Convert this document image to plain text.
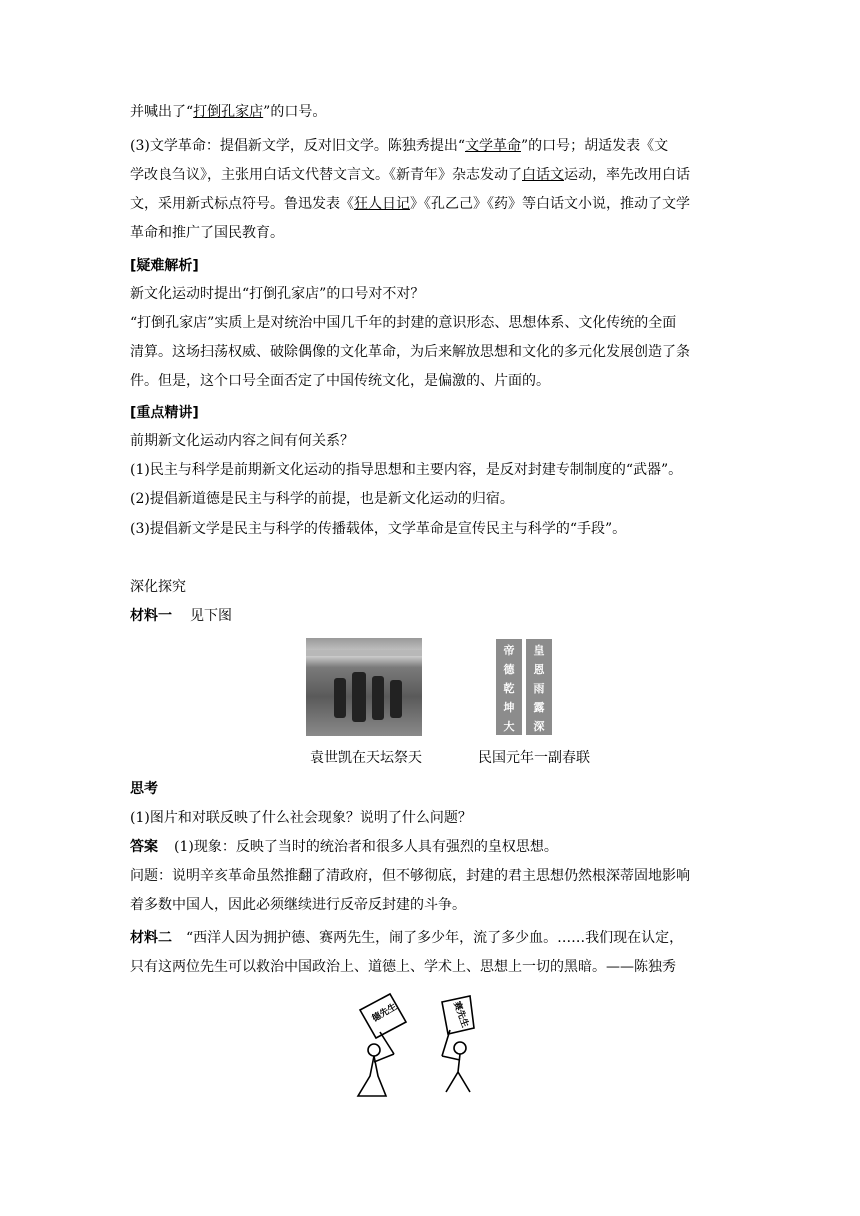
并喊出了“打倒孔家店”的口号。
(3)文学革命：提倡新文学，反对旧文学。陈独秀提出“文学革命”的口号；胡适发表《文
学改良刍议》，主张用白话文代替文言文。《新青年》杂志发动了白话文运动，率先改用白话
文，采用新式标点符号。鲁迅发表《狂人日记》《孔乙己》《药》等白话文小说，推动了文学
革命和推广了国民教育。
[疑难解析]
新文化运动时提出“打倒孔家店”的口号对不对？
“打倒孔家店”实质上是对统治中国几千年的封建的意识形态、思想体系、文化传统的全面
清算。这场扫荡权威、破除偶像的文化革命，为后来解放思想和文化的多元化发展创造了条
件。但是，这个口号全面否定了中国传统文化，是偏激的、片面的。
[重点精讲]
前期新文化运动内容之间有何关系？
(1)民主与科学是前期新文化运动的指导思想和主要内容，是反对封建专制制度的“武器”。
(2)提倡新道德是民主与科学的前提，也是新文化运动的归宿。
(3)提倡新文学是民主与科学的传播载体，文学革命是宣传民主与科学的“手段”。
深化探究
材料一 见下图
皇恩雨露深
帝德乾坤大
袁世凯在天坛祭天	民国元年一副春联
思考
(1)图片和对联反映了什么社会现象？说明了什么问题？
答案 (1)现象：反映了当时的统治者和很多人具有强烈的皇权思想。
问题：说明辛亥革命虽然推翻了清政府，但不够彻底，封建的君主思想仍然根深蒂固地影响
着多数中国人，因此必须继续进行反帝反封建的斗争。
材料二 “西洋人因为拥护德、赛两先生，闹了多少年，流了多少血。……我们现在认定，
只有这两位先生可以救治中国政治上、道德上、学术上、思想上一切的黑暗。——陈独秀
德先生	赛先生
